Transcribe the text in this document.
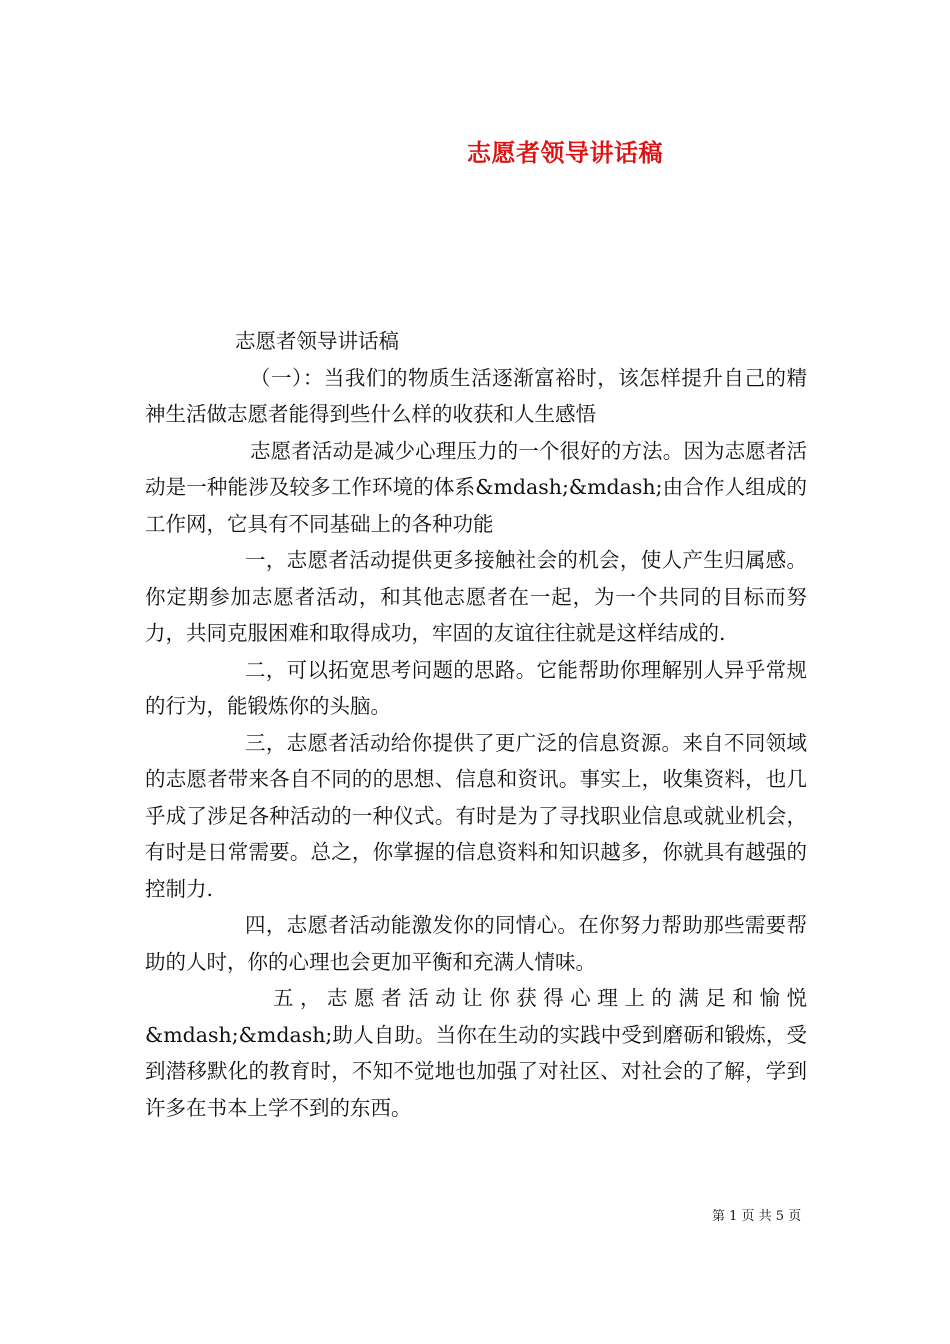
志愿者领导讲话稿

志愿者领导讲话稿

（一）：当我们的物质生活逐渐富裕时，该怎样提升自己的精神生活做志愿者能得到些什么样的收获和人生感悟

志愿者活动是减少心理压力的一个很好的方法。因为志愿者活动是一种能涉及较多工作环境的体系&mdash;&mdash;由合作人组成的工作网，它具有不同基础上的各种功能

一，志愿者活动提供更多接触社会的机会，使人产生归属感。你定期参加志愿者活动，和其他志愿者在一起，为一个共同的目标而努力，共同克服困难和取得成功，牢固的友谊往往就是这样结成的.

二，可以拓宽思考问题的思路。它能帮助你理解别人异乎常规的行为，能锻炼你的头脑。

三，志愿者活动给你提供了更广泛的信息资源。来自不同领域的志愿者带来各自不同的的思想、信息和资讯。事实上，收集资料，也几乎成了涉足各种活动的一种仪式。有时是为了寻找职业信息或就业机会，有时是日常需要。总之，你掌握的信息资料和知识越多，你就具有越强的控制力.

四，志愿者活动能激发你的同情心。在你努力帮助那些需要帮助的人时，你的心理也会更加平衡和充满人情味。

五，志愿者活动让你获得心理上的满足和愉悦&mdash;&mdash;助人自助。当你在生动的实践中受到磨砺和锻炼，受到潜移默化的教育时，不知不觉地也加强了对社区、对社会的了解，学到许多在书本上学不到的东西。

第 1 页 共 5 页
